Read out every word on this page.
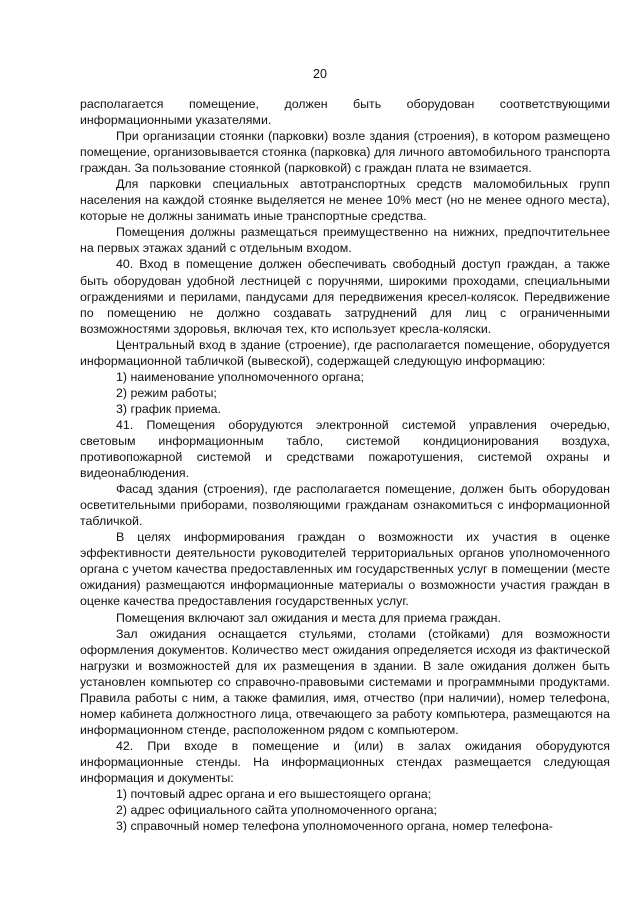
20

располагается помещение, должен быть оборудован соответствующими информационными указателями.

При организации стоянки (парковки) возле здания (строения), в котором размещено помещение, организовывается стоянка (парковка) для личного автомобильного транспорта граждан. За пользование стоянкой (парковкой) с граждан плата не взимается.

Для парковки специальных автотранспортных средств маломобильных групп населения на каждой стоянке выделяется не менее 10% мест (но не менее одного места), которые не должны занимать иные транспортные средства.

Помещения должны размещаться преимущественно на нижних, предпочтительнее на первых этажах зданий с отдельным входом.

40. Вход в помещение должен обеспечивать свободный доступ граждан, а также быть оборудован удобной лестницей с поручнями, широкими проходами, специальными ограждениями и перилами, пандусами для передвижения кресел-колясок. Передвижение по помещению не должно создавать затруднений для лиц с ограниченными возможностями здоровья, включая тех, кто использует кресла-коляски.

Центральный вход в здание (строение), где располагается помещение, оборудуется информационной табличкой (вывеской), содержащей следующую информацию:

1) наименование уполномоченного органа;

2) режим работы;

3) график приема.

41. Помещения оборудуются электронной системой управления очередью, световым информационным табло, системой кондиционирования воздуха, противопожарной системой и средствами пожаротушения, системой охраны и видеонаблюдения.

Фасад здания (строения), где располагается помещение, должен быть оборудован осветительными приборами, позволяющими гражданам ознакомиться с информационной табличкой.

В целях информирования граждан о возможности их участия в оценке эффективности деятельности руководителей территориальных органов уполномоченного органа с учетом качества предоставленных им государственных услуг в помещении (месте ожидания) размещаются информационные материалы о возможности участия граждан в оценке качества предоставления государственных услуг.

Помещения включают зал ожидания и места для приема граждан.

Зал ожидания оснащается стульями, столами (стойками) для возможности оформления документов. Количество мест ожидания определяется исходя из фактической нагрузки и возможностей для их размещения в здании. В зале ожидания должен быть установлен компьютер со справочно-правовыми системами и программными продуктами. Правила работы с ним, а также фамилия, имя, отчество (при наличии), номер телефона, номер кабинета должностного лица, отвечающего за работу компьютера, размещаются на информационном стенде, расположенном рядом с компьютером.

42. При входе в помещение и (или) в залах ожидания оборудуются информационные стенды. На информационных стендах размещается следующая информация и документы:

1) почтовый адрес органа и его вышестоящего органа;

2) адрес официального сайта уполномоченного органа;

3) справочный номер телефона уполномоченного органа, номер телефона-
